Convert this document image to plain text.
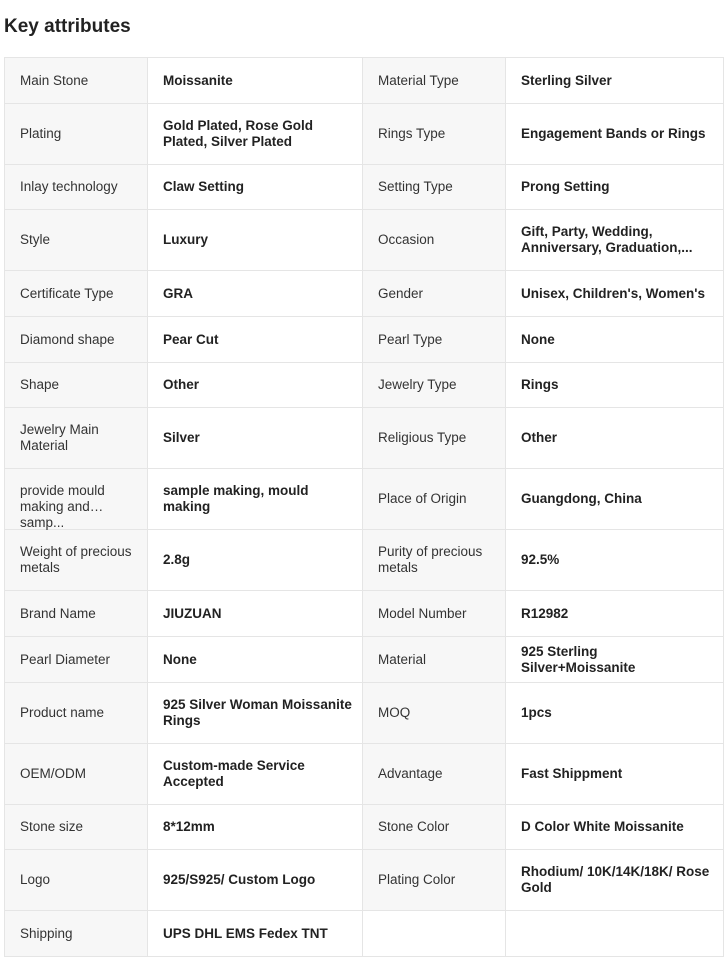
Key attributes
Main Stone	Moissanite	Material Type	Sterling Silver

Plating	Gold Plated, Rose Gold Plated, Silver Plated	Rings Type	Engagement Bands or Rings

Inlay technology	Claw Setting	Setting Type	Prong Setting

Style	Luxury	Occasion	Gift, Party, Wedding, Anniversary, Graduation,...

Certificate Type	GRA	Gender	Unisex, Children's, Women's

Diamond shape	Pear Cut	Pearl Type	None

Shape	Other	Jewelry Type	Rings

Jewelry Main Material	Silver	Religious Type	Other

provide mould making and samp...	sample making, mould making	Place of Origin	Guangdong, China

Weight of precious metals	2.8g	Purity of precious metals	92.5%

Brand Name	JIUZUAN	Model Number	R12982

Pearl Diameter	None	Material	925 Sterling Silver+Moissanite

Product name	925 Silver Woman Moissanite Rings	MOQ	1pcs

OEM/ODM	Custom-made Service Accepted	Advantage	Fast Shippment

Stone size	8*12mm	Stone Color	D Color White Moissanite

Logo	925/S925/ Custom Logo	Plating Color	Rhodium/ 10K/14K/18K/ Rose Gold

Shipping	UPS DHL EMS Fedex TNT		
